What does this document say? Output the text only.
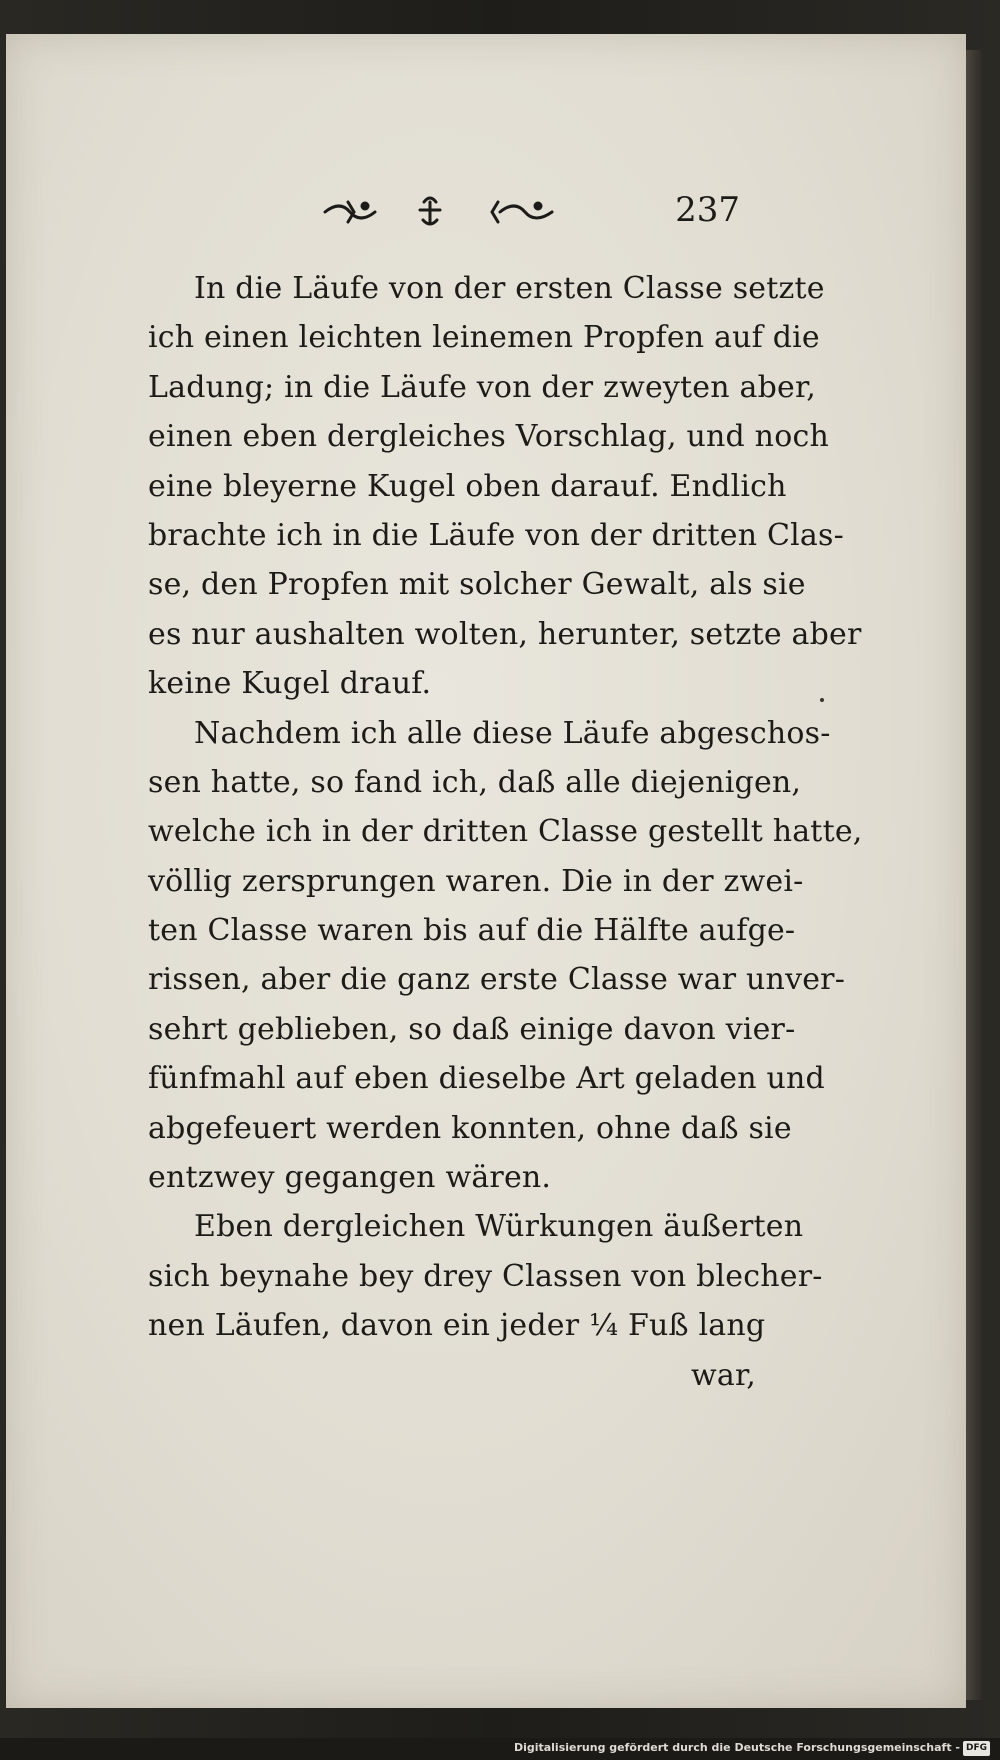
237
In die Läufe von der ersten Classe setzte
ich einen leichten leinemen Propfen auf die
Ladung; in die Läufe von der zweyten aber,
einen eben dergleiches Vorschlag, und noch
eine bleyerne Kugel oben darauf. Endlich
brachte ich in die Läufe von der dritten Clas-
se, den Propfen mit solcher Gewalt, als sie
es nur aushalten wolten, herunter, setzte aber
keine Kugel drauf.
Nachdem ich alle diese Läufe abgeschos-
sen hatte, so fand ich, daß alle diejenigen,
welche ich in der dritten Classe gestellt hatte,
völlig zersprungen waren. Die in der zwei-
ten Classe waren bis auf die Hälfte aufge-
rissen, aber die ganz erste Classe war unver-
sehrt geblieben, so daß einige davon vier-
fünfmahl auf eben dieselbe Art geladen und
abgefeuert werden konnten, ohne daß sie
entzwey gegangen wären.
Eben dergleichen Würkungen äußerten
sich beynahe bey drey Classen von blecher-
nen Läufen, davon ein jeder ¼ Fuß lang
war,
Digitalisierung gefördert durch die Deutsche Forschungsgemeinschaft - DFG
